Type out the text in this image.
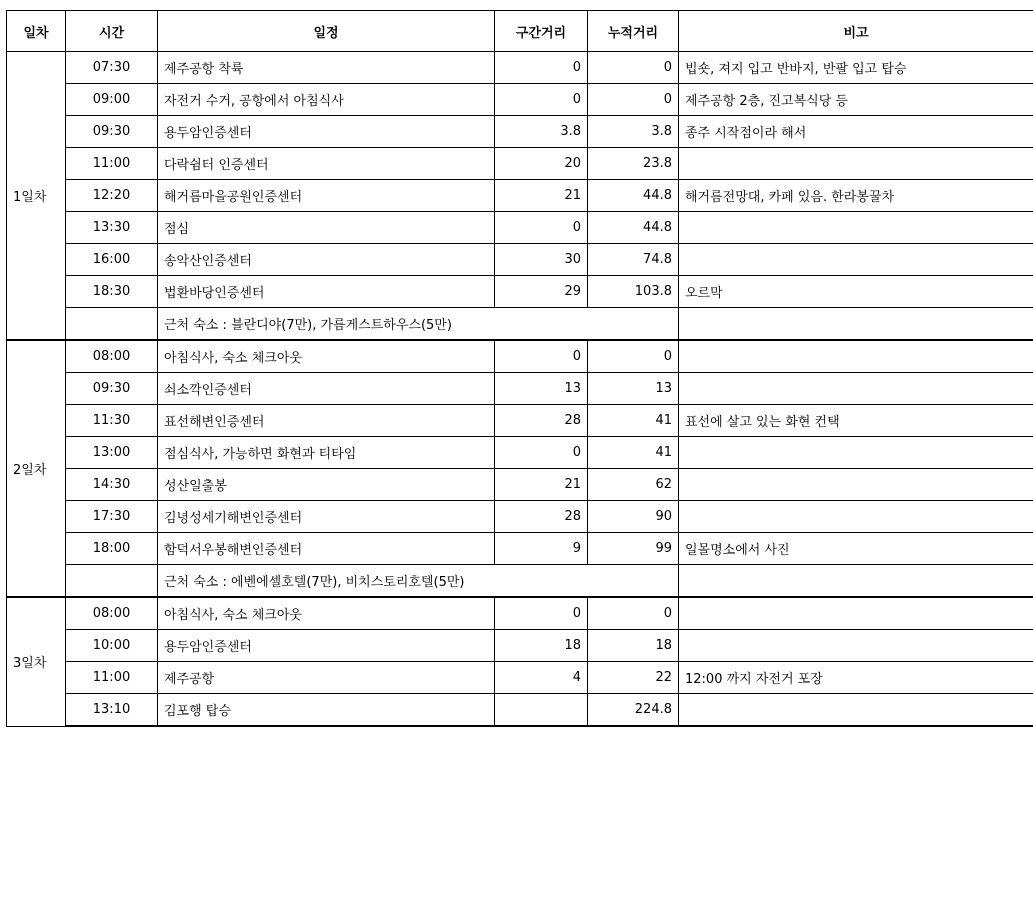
일차	시간	일정	구간거리	누적거리	비고
1일차	07:30	제주공항 착륙	0	0	빕숏, 져지 입고 반바지, 반팔 입고 탑승
	09:00	자전거 수거, 공항에서 아침식사	0	0	제주공항 2층, 진고복식당 등
	09:30	용두암인증센터	3.8	3.8	종주 시작점이라 해서
	11:00	다락쉼터 인증센터	20	23.8	
	12:20	해거름마을공원인증센터	21	44.8	해거름전망대, 카페 있음. 한라봉꿀차
	13:30	점심	0	44.8	
	16:00	송악산인증센터	30	74.8	
	18:30	법환바당인증센터	29	103.8	오르막
		근처 숙소 : 블란디야(7만), 가름게스트하우스(5만)			
2일차	08:00	아침식사, 숙소 체크아웃	0	0	
	09:30	쇠소깍인증센터	13	13	
	11:30	표선해변인증센터	28	41	표선에 살고 있는 화현 컨택
	13:00	점심식사, 가능하면 화현과 티타임	0	41	
	14:30	성산일출봉	21	62	
	17:30	김녕성세기해변인증센터	28	90	
	18:00	함덕서우봉해변인증센터	9	99	일몰명소에서 사진
		근처 숙소 : 에벤에셀호텔(7만), 비치스토리호텔(5만)			
3일차	08:00	아침식사, 숙소 체크아웃	0	0	
	10:00	용두암인증센터	18	18	
	11:00	제주공항	4	22	12:00 까지 자전거 포장
	13:10	김포행 탑승		224.8	
